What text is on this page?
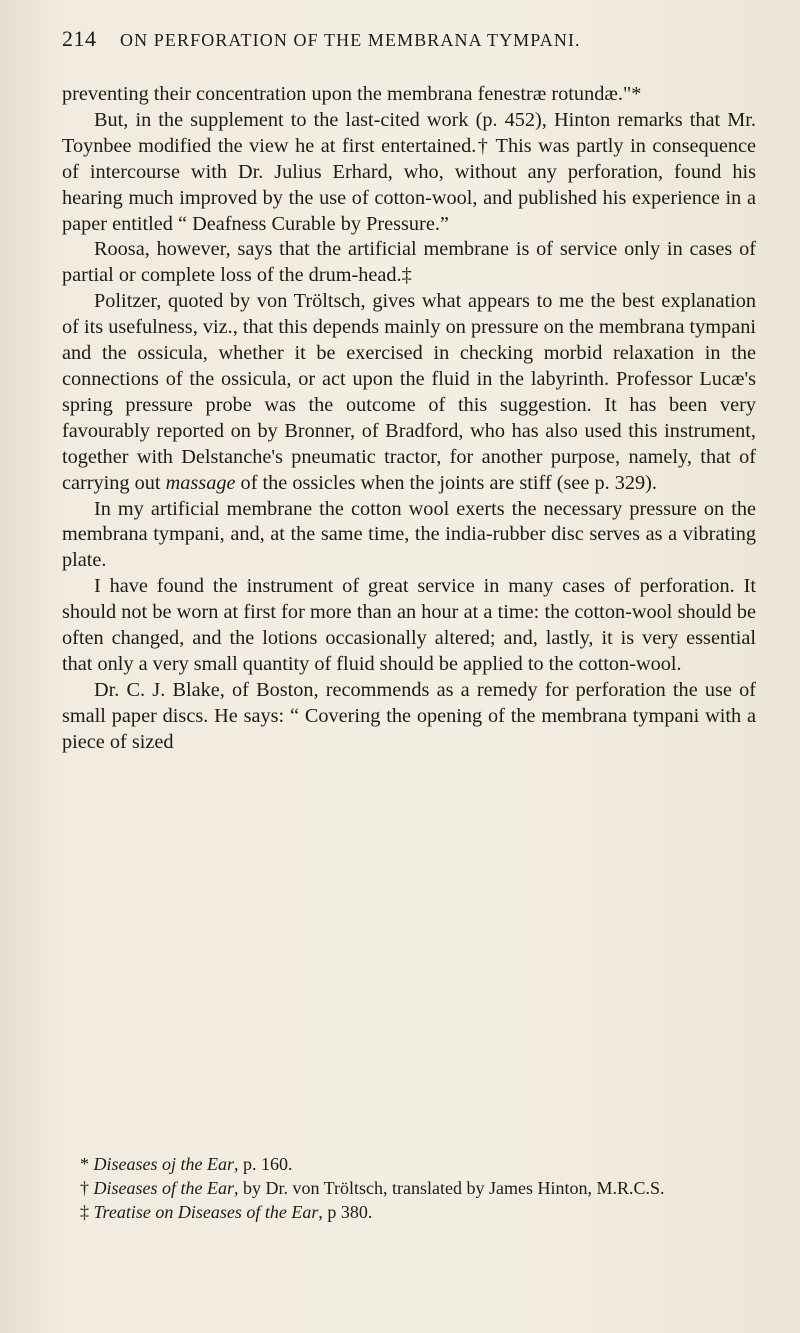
214	ON PERFORATION OF THE MEMBRANA TYMPANI.

preventing their concentration upon the membrana fenestræ rotundæ."*

But, in the supplement to the last-cited work (p. 452), Hinton remarks that Mr. Toynbee modified the view he at first entertained.† This was partly in consequence of intercourse with Dr. Julius Erhard, who, without any perforation, found his hearing much improved by the use of cotton-wool, and published his experience in a paper entitled “ Deafness Curable by Pressure.”

Roosa, however, says that the artificial membrane is of service only in cases of partial or complete loss of the drum-head.‡

Politzer, quoted by von Tröltsch, gives what appears to me the best explanation of its usefulness, viz., that this depends mainly on pressure on the membrana tympani and the ossicula, whether it be exercised in checking morbid relaxation in the connections of the ossicula, or act upon the fluid in the labyrinth. Professor Lucæ's spring pressure probe was the outcome of this suggestion. It has been very favourably reported on by Bronner, of Bradford, who has also used this instrument, together with Delstanche's pneumatic tractor, for another purpose, namely, that of carrying out massage of the ossicles when the joints are stiff (see p. 329).

In my artificial membrane the cotton wool exerts the necessary pressure on the membrana tympani, and, at the same time, the india-rubber disc serves as a vibrating plate.

I have found the instrument of great service in many cases of perforation. It should not be worn at first for more than an hour at a time: the cotton-wool should be often changed, and the lotions occasionally altered; and, lastly, it is very essential that only a very small quantity of fluid should be applied to the cotton-wool.

Dr. C. J. Blake, of Boston, recommends as a remedy for perforation the use of small paper discs. He says: “ Covering the opening of the membrana tympani with a piece of sized

* Diseases oj the Ear, p. 160.

† Diseases of the Ear, by Dr. von Tröltsch, translated by James Hinton, M.R.C.S.

‡ Treatise on Diseases of the Ear, p 380.
